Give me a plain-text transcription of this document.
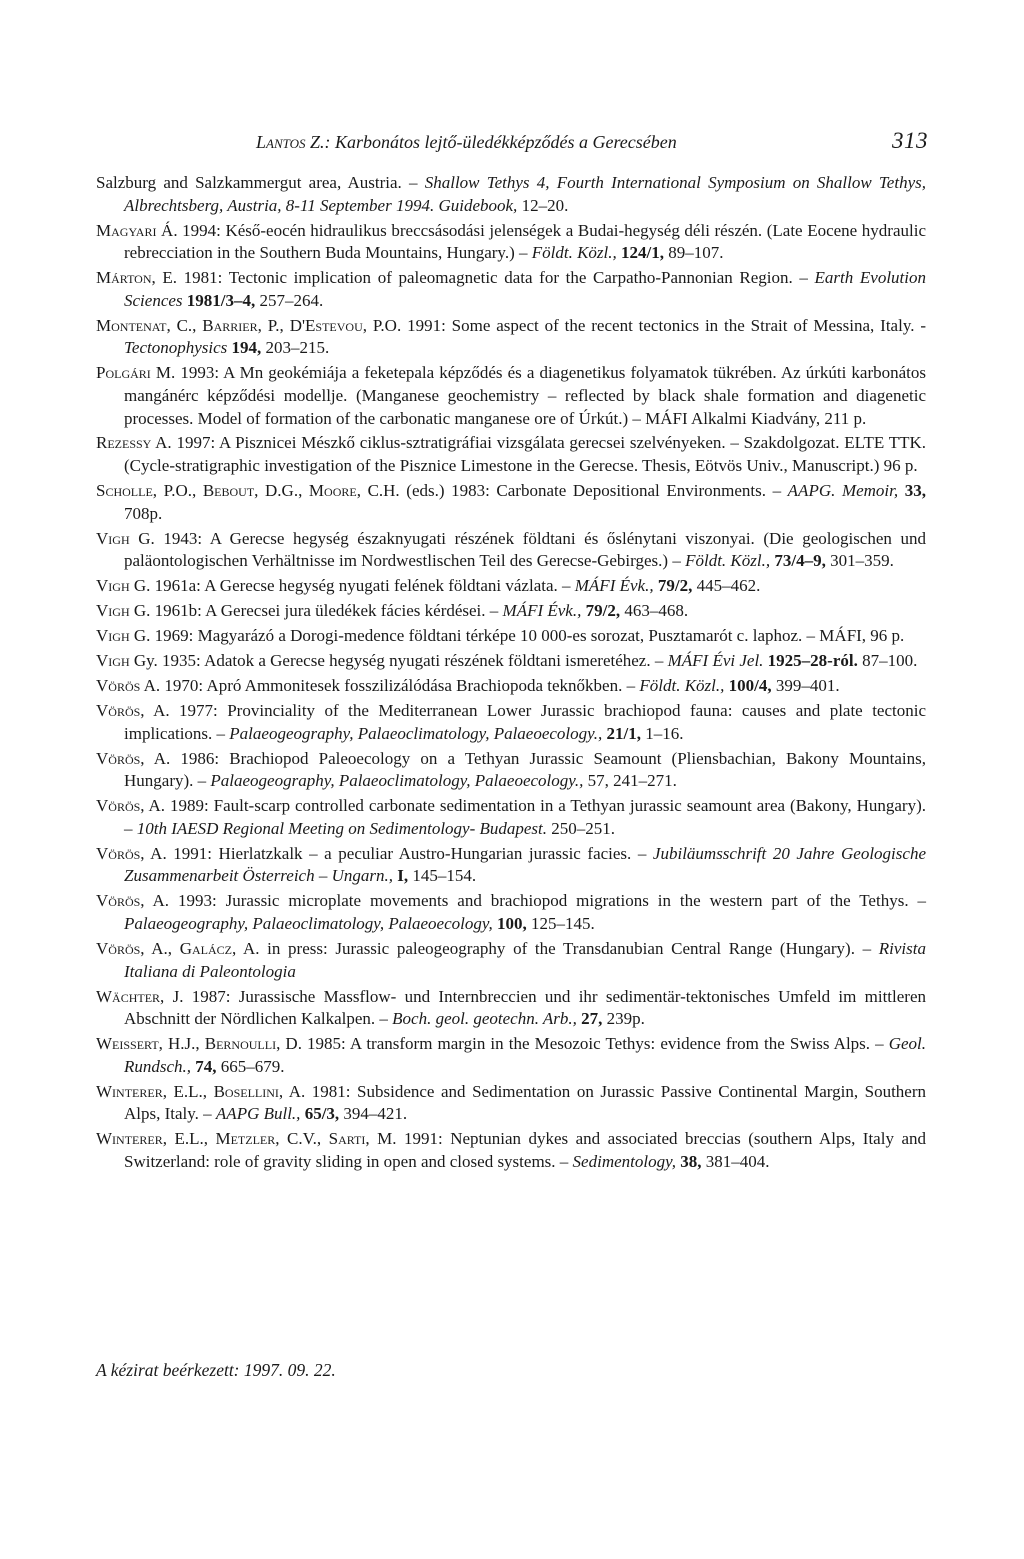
Lantos Z.: Karbonátos lejtő-üledékképződés a Gerecsében	313

Salzburg and Salzkammergut area, Austria. – Shallow Tethys 4, Fourth International Symposium on Shallow Tethys, Albrechtsberg, Austria, 8-11 September 1994. Guidebook, 12–20.

Magyari Á. 1994: Késő-eocén hidraulikus breccsásodási jelenségek a Budai-hegység déli részén. (Late Eocene hydraulic rebrecciation in the Southern Buda Mountains, Hungary.) – Földt. Közl., 124/1, 89–107.

Márton, E. 1981: Tectonic implication of paleomagnetic data for the Carpatho-Pannonian Region. – Earth Evolution Sciences 1981/3–4, 257–264.

Montenat, C., Barrier, P., D'Estevou, P.O. 1991: Some aspect of the recent tectonics in the Strait of Messina, Italy. - Tectonophysics 194, 203–215.

Polgári M. 1993: A Mn geokémiája a feketepala képződés és a diagenetikus folyamatok tükrében. Az úrkúti karbonátos mangánérc képződési modellje. (Manganese geochemistry – reflected by black shale formation and diagenetic processes. Model of formation of the carbonatic manganese ore of Úrkút.) – MÁFI Alkalmi Kiadvány, 211 p.

Rezessy A. 1997: A Pisznicei Mészkő ciklus-sztratigráfiai vizsgálata gerecsei szelvényeken. – Szakdolgozat. ELTE TTK. (Cycle-stratigraphic investigation of the Pisznice Limestone in the Gerecse. Thesis, Eötvös Univ., Manuscript.) 96 p.

Scholle, P.O., Bebout, D.G., Moore, C.H. (eds.) 1983: Carbonate Depositional Environments. – AAPG. Memoir, 33, 708p.

Vigh G. 1943: A Gerecse hegység északnyugati részének földtani és őslénytani viszonyai. (Die geologischen und paläontologischen Verhältnisse im Nordwestlischen Teil des Gerecse-Gebirges.) – Földt. Közl., 73/4–9, 301–359.

Vigh G. 1961a: A Gerecse hegység nyugati felének földtani vázlata. – MÁFI Évk., 79/2, 445–462.

Vigh G. 1961b: A Gerecsei jura üledékek fácies kérdései. – MÁFI Évk., 79/2, 463–468.

Vigh G. 1969: Magyarázó a Dorogi-medence földtani térképe 10 000-es sorozat, Pusztamarót c. laphoz. – MÁFI, 96 p.

Vigh Gy. 1935: Adatok a Gerecse hegység nyugati részének földtani ismeretéhez. – MÁFI Évi Jel. 1925–28-ról. 87–100.

Vörös A. 1970: Apró Ammonitesek fosszilizálódása Brachiopoda teknőkben. – Földt. Közl., 100/4, 399–401.

Vörös, A. 1977: Provinciality of the Mediterranean Lower Jurassic brachiopod fauna: causes and plate tectonic implications. – Palaeogeography, Palaeoclimatology, Palaeoecology., 21/1, 1–16.

Vörös, A. 1986: Brachiopod Paleoecology on a Tethyan Jurassic Seamount (Pliensbachian, Bakony Mountains, Hungary). – Palaeogeography, Palaeoclimatology, Palaeoecology., 57, 241–271.

Vörös, A. 1989: Fault-scarp controlled carbonate sedimentation in a Tethyan jurassic seamount area (Bakony, Hungary). – 10th IAESD Regional Meeting on Sedimentology- Budapest. 250–251.

Vörös, A. 1991: Hierlatzkalk – a peculiar Austro-Hungarian jurassic facies. – Jubiläumsschrift 20 Jahre Geologische Zusammenarbeit Österreich – Ungarn., I, 145–154.

Vörös, A. 1993: Jurassic microplate movements and brachiopod migrations in the western part of the Tethys. – Palaeogeography, Palaeoclimatology, Palaeoecology, 100, 125–145.

Vörös, A., Galácz, A. in press: Jurassic paleogeography of the Transdanubian Central Range (Hungary). – Rivista Italiana di Paleontologia

Wächter, J. 1987: Jurassische Massflow- und Internbreccien und ihr sedimentär-tektonisches Umfeld im mittleren Abschnitt der Nördlichen Kalkalpen. – Boch. geol. geotechn. Arb., 27, 239p.

Weissert, H.J., Bernoulli, D. 1985: A transform margin in the Mesozoic Tethys: evidence from the Swiss Alps. – Geol. Rundsch., 74, 665–679.

Winterer, E.L., Bosellini, A. 1981: Subsidence and Sedimentation on Jurassic Passive Continental Margin, Southern Alps, Italy. – AAPG Bull., 65/3, 394–421.

Winterer, E.L., Metzler, C.V., Sarti, M. 1991: Neptunian dykes and associated breccias (southern Alps, Italy and Switzerland: role of gravity sliding in open and closed systems. – Sedimentology, 38, 381–404.

A kézirat beérkezett: 1997. 09. 22.
